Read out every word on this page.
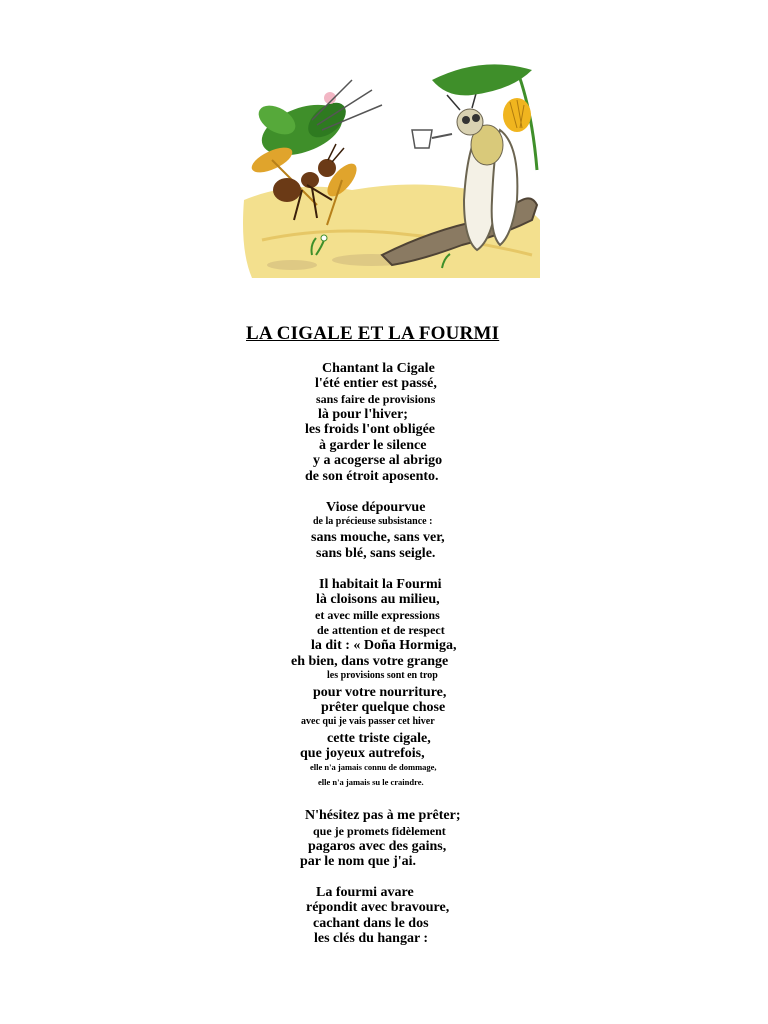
LA CIGALE ET LA FOURMI
Chantant la Cigale
l'été entier est passé,
sans faire de provisions
là pour l'hiver;
les froids l'ont obligée
à garder le silence
y a acogerse al abrigo
de son étroit aposento.
Viose dépourvue
de la précieuse subsistance :
sans mouche, sans ver,
sans blé, sans seigle.
Il habitait la Fourmi
là cloisons au milieu,
et avec mille expressions
de attention et de respect
la dit : « Doña Hormiga,
eh bien, dans votre grange
les provisions sont en trop
pour votre nourriture,
prêter quelque chose
avec qui je vais passer cet hiver
cette triste cigale,
que joyeux autrefois,
elle n'a jamais connu de dommage,
elle n'a jamais su le craindre.
N'hésitez pas à me prêter;
que je promets fidèlement
pagaros avec des gains,
par le nom que j'ai.
La fourmi avare
répondit avec bravoure,
cachant dans le dos
les clés du hangar :
